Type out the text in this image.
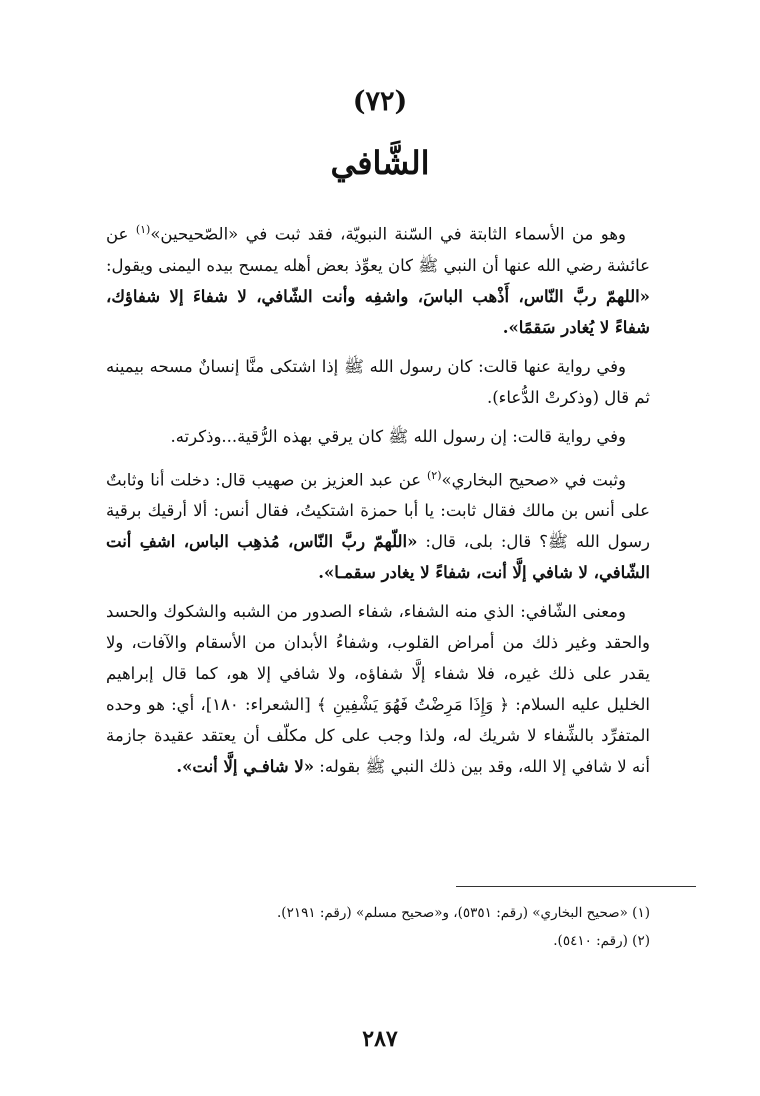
(٧٢)
الشَّافي

وهو من الأسماء الثابتة في السّنة النبويّة، فقد ثبت في «الصّحيحين»$^{(١)}$ عن عائشة رضي الله عنها أن النبي ﷺ كان يعوِّذ بعض أهله يمسح بيده اليمنى ويقول: «اللهمّ ربَّ النّاس، أَذْهب الباسَ، واشفِه وأنت الشّافي، لا شفاءَ إلا شفاؤك، شفاءً لا يُغادر سَقمًا».

وفي رواية عنها قالت: كان رسول الله ﷺ إذا اشتكى منَّا إنسانٌ مسحه بيمينه ثم قال (وذكرتْ الدُّعاء).

وفي رواية قالت: إن رسول الله ﷺ كان يرقي بهذه الرُّقية...وذكرته.

وثبت في «صحيح البخاري»$^{(٢)}$ عن عبد العزيز بن صهيب قال: دخلت أنا وثابتٌ على أنس بن مالك فقال ثابت: يا أبا حمزة اشتكيتُ، فقال أنس: ألا أرقيك برقية رسول الله ﷺ؟ قال: بلى، قال: «اللّهمّ ربَّ النّاس، مُذهِب الباس، اشفِ أنت الشّافي، لا شافي إلَّا أنت، شفاءً لا يغادر سقمـا».

ومعنى الشّافي: الذي منه الشفاء، شفاء الصدور من الشبه والشكوك والحسد والحقد وغير ذلك من أمراض القلوب، وشفاءُ الأبدان من الأسقام والآفات، ولا يقدر على ذلك غيره، فلا شفاء إلَّا شفاؤه، ولا شافي إلا هو، كما قال إبراهيم الخليل عليه السلام: ﴿ وَإِذَا مَرِضْتُ فَهُوَ يَشْفِينِ ﴾ [الشعراء: ١٨٠]، أي: هو وحده المتفرِّد بالشِّفاء لا شريك له، ولذا وجب على كل مكلّف أن يعتقد عقيدة جازمة أنه لا شافي إلا الله، وقد بين ذلك النبي ﷺ بقوله: «لا شافـي إلَّا أنت».

(١) «صحيح البخاري» (رقم: ٥٣٥١)، و«صحيح مسلم» (رقم: ٢١٩١).
(٢) (رقم: ٥٤١٠).
٢٨٧
